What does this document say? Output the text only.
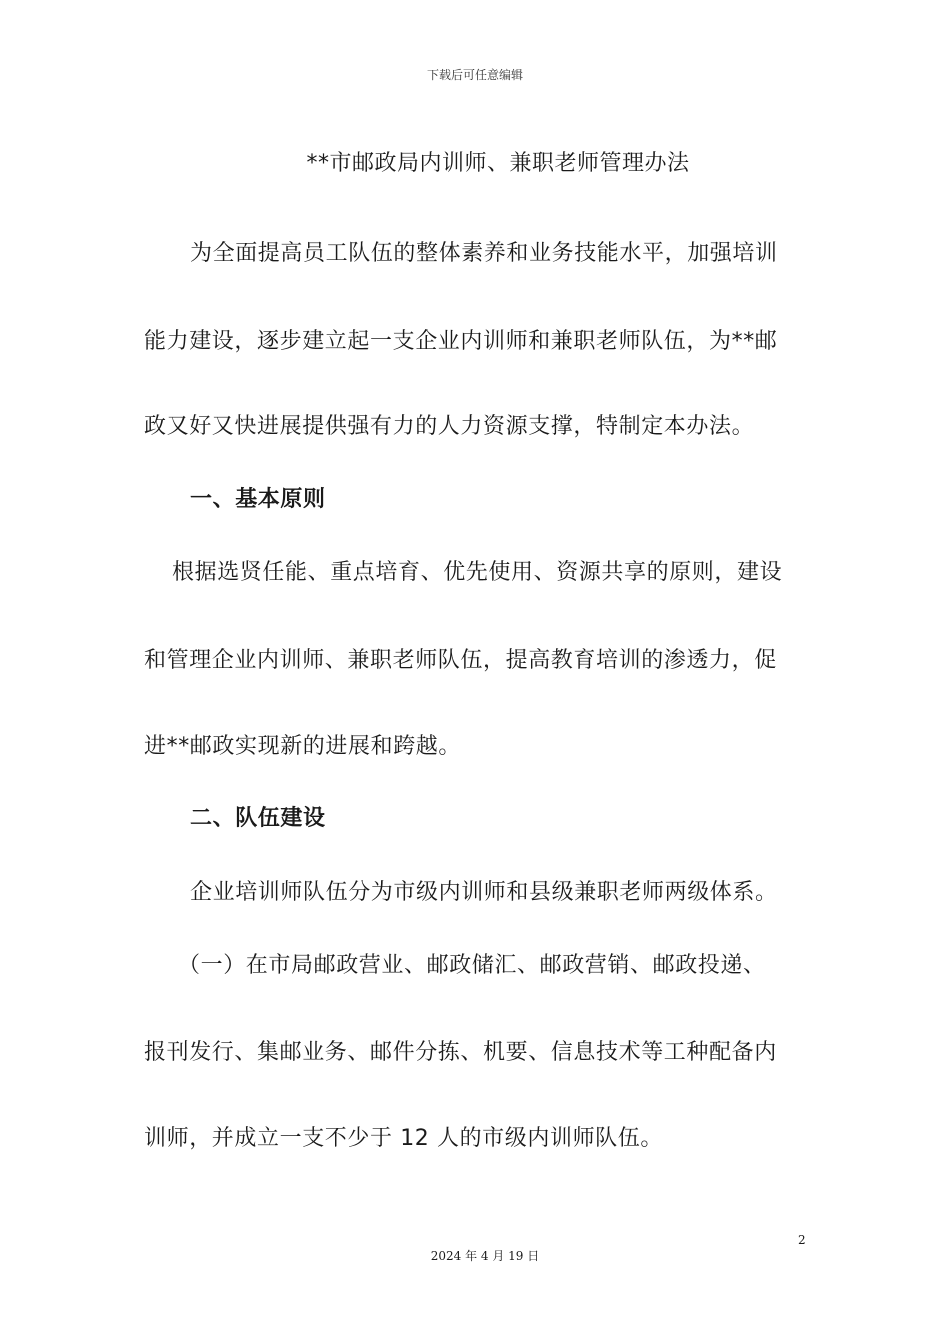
下载后可任意编辑
**市邮政局内训师、兼职老师管理办法
为全面提高员工队伍的整体素养和业务技能水平，加强培训
能力建设，逐步建立起一支企业内训师和兼职老师队伍，为**邮
政又好又快进展提供强有力的人力资源支撑，特制定本办法。
一、基本原则
根据选贤任能、重点培育、优先使用、资源共享的原则，建设
和管理企业内训师、兼职老师队伍，提高教育培训的渗透力，促
进**邮政实现新的进展和跨越。
二、队伍建设
企业培训师队伍分为市级内训师和县级兼职老师两级体系。
（一）在市局邮政营业、邮政储汇、邮政营销、邮政投递、
报刊发行、集邮业务、邮件分拣、机要、信息技术等工种配备内
训师，并成立一支不少于 12 人的市级内训师队伍。
2
2024 年 4 月 19 日
